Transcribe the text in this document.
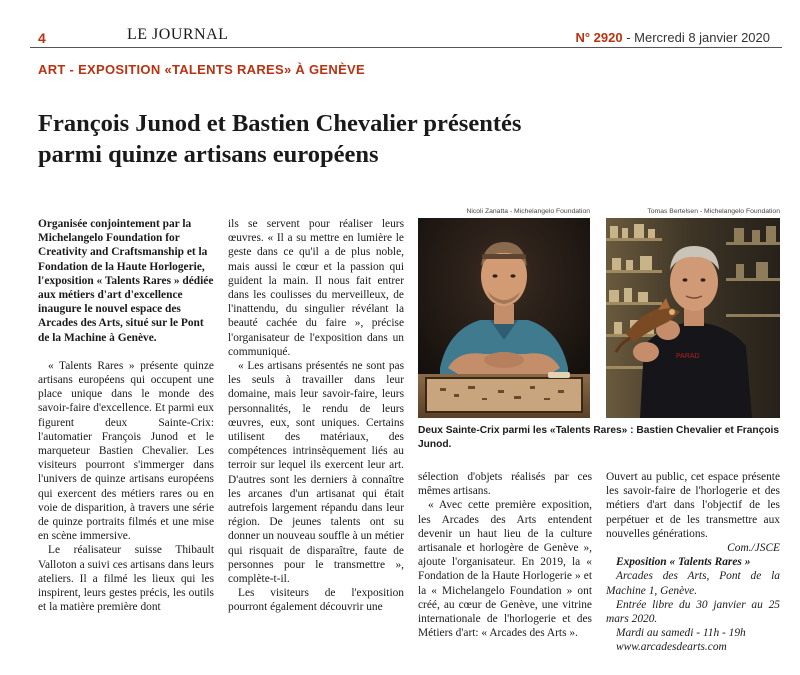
4	LE JOURNAL	N° 2920 - Mercredi 8 janvier 2020
ART - EXPOSITION «TALENTS RARES» À GENÈVE
François Junod et Bastien Chevalier présentés
parmi quinze artisans européens

Organisée conjointement par la Michelangelo Foundation for Creativity and Craftsmanship et la Fondation de la Haute Horlogerie, l'exposition « Talents Rares » dédiée aux métiers d'art d'excellence inaugure le nouvel espace des Arcades des Arts, situé sur le Pont de la Machine à Genève.

« Talents Rares » présente quinze artisans européens qui occupent une place unique dans le monde des savoir-faire d'excellence. Et parmi eux figurent deux Sainte-Crix: l'automatier François Junod et le marqueteur Bastien Chevalier. Les visiteurs pourront s'immerger dans l'univers de quinze artisans européens qui exercent des métiers rares ou en voie de disparition, à travers une série de quinze portraits filmés et une mise en scène immersive.

Le réalisateur suisse Thibault Valloton a suivi ces artisans dans leurs ateliers. Il a filmé les lieux qui les inspirent, leurs gestes précis, les outils et la matière première dont

ils se servent pour réaliser leurs œuvres. « Il a su mettre en lumière le geste dans ce qu'il a de plus noble, mais aussi le cœur et la passion qui guident la main. Il nous fait entrer dans les coulisses du merveilleux, de l'inattendu, du singulier révélant la beauté cachée du faire », précise l'organisateur de l'exposition dans un communiqué.

« Les artisans présentés ne sont pas les seuls à travailler dans leur domaine, mais leur savoir-faire, leurs personnalités, le rendu de leurs œuvres, eux, sont uniques. Certains utilisent des matériaux, des compétences intrinsèquement liés au terroir sur lequel ils exercent leur art. D'autres sont les derniers à connaître les arcanes d'un artisanat qui était autrefois largement répandu dans leur région. De jeunes talents ont su donner un nouveau souffle à un métier qui risquait de disparaître, faute de personnes pour le transmettre », complète-t-il.

Les visiteurs de l'exposition pourront également découvrir une

Nicoli Zanatta - Michelangelo Foundation	Tomas Bertelsen - Michelangelo Foundation
PARAD

Deux Sainte-Crix parmi les «Talents Rares» : Bastien Chevalier et François Junod.

sélection d'objets réalisés par ces mêmes artisans.

« Avec cette première exposition, les Arcades des Arts entendent devenir un haut lieu de la culture artisanale et horlogère de Genève », ajoute l'organisateur. En 2019, la « Fondation de la Haute Horlogerie » et la « Michelangelo Foundation » ont créé, au cœur de Genève, une vitrine internationale de l'horlogerie et des Métiers d'art: « Arcades des Arts ».

Ouvert au public, cet espace présente les savoir-faire de l'horlogerie et des métiers d'art dans l'objectif de les perpétuer et de les transmettre aux nouvelles générations.

Com./JSCE

Exposition « Talents Rares »

Arcades des Arts, Pont de la Machine 1, Genève.

Entrée libre du 30 janvier au 25 mars 2020.

Mardi au samedi - 11h - 19h

www.arcadesdearts.com
